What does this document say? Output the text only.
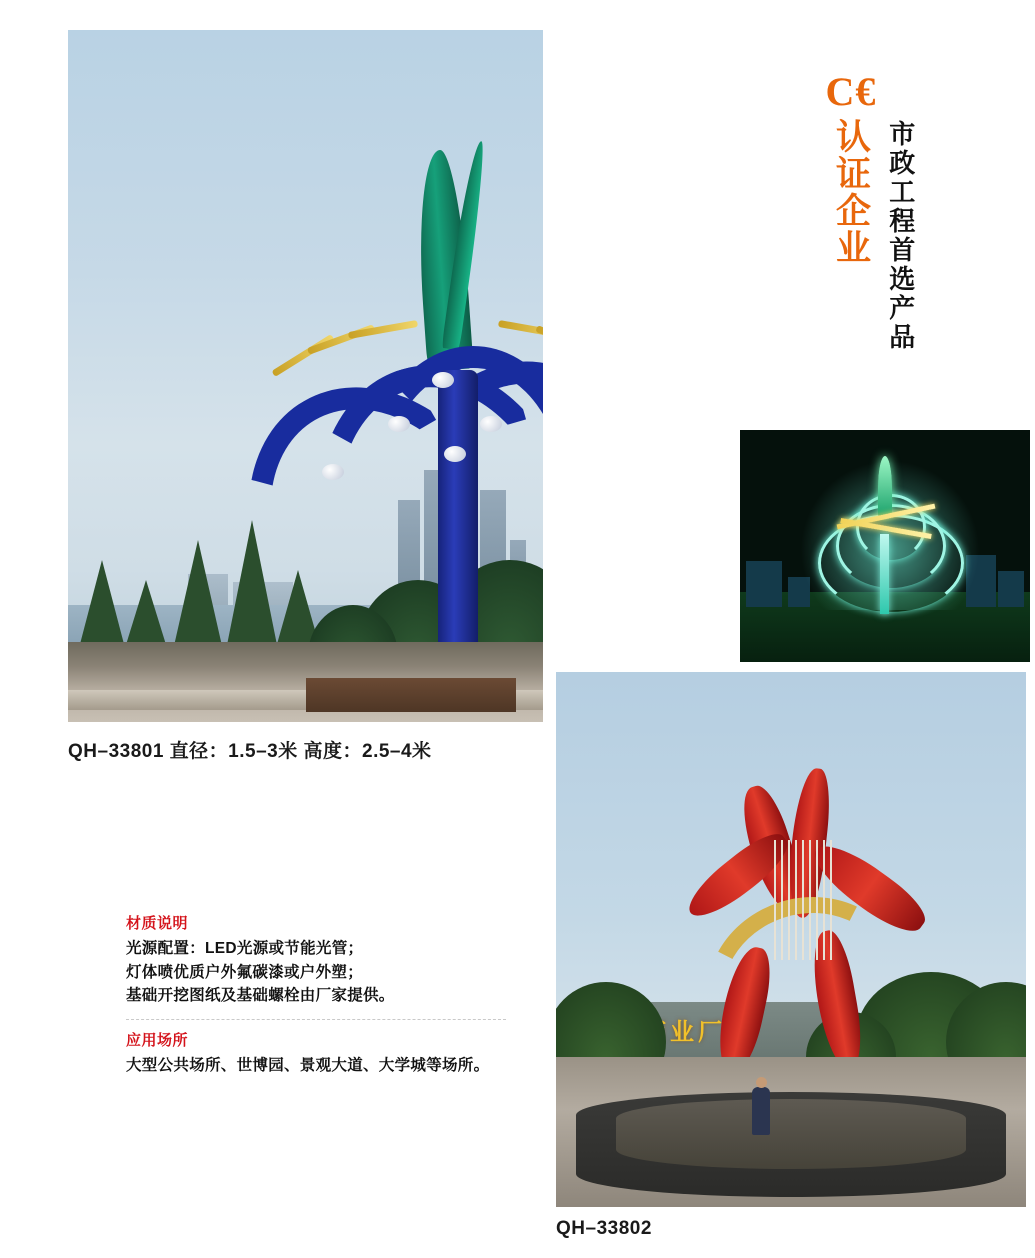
C€
认证企业 市政工程首选产品
QH–33801 直径：1.5–3米 高度：2.5–4米
QH–33802
材质说明
光源配置：LED光源或节能光管；
灯体喷优质户外氟碳漆或户外塑；
基础开挖图纸及基础螺栓由厂家提供。
应用场所
大型公共场所、世博园、景观大道、大学城等场所。
